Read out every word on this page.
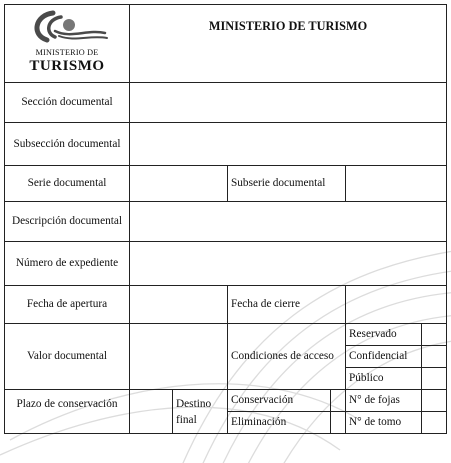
MINISTERIO DE
TURISMO	MINISTERIO DE TURISMO					
Sección documental						
Subsección documental						
Serie documental			Subserie documental			
Descripción documental						
Número de expediente						
Fecha de apertura			Fecha de cierre			
Valor documental			Condiciones de acceso		Reservado	
					Confidencial	
					Público	
Plazo de conservación		Destino final	Conservación		N° de fojas	
			Eliminación		N° de tomo	
